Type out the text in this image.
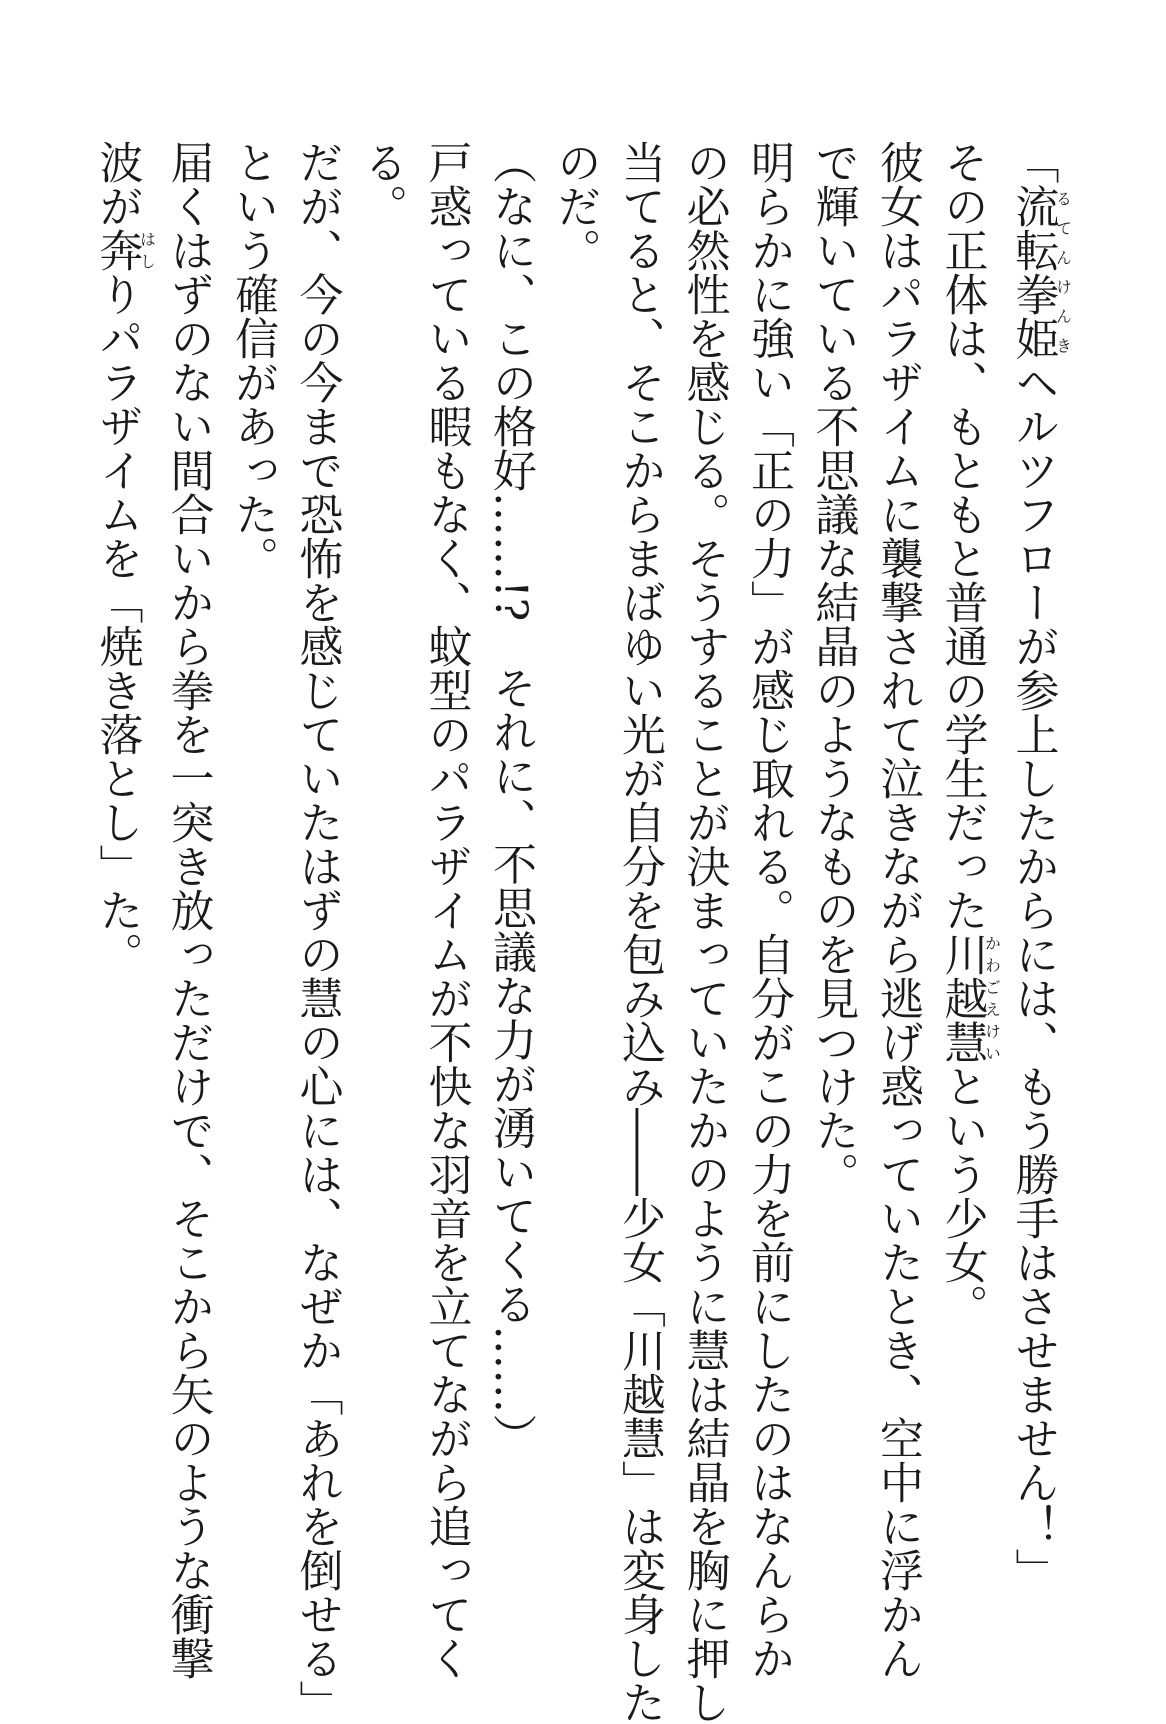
「流転拳姫るてんけんきヘルツフローが参上したからには、もう勝手はさせません！」
その正体は、もともと普通の学生だった川越慧かわごえけいという少女。
彼女はパラザイムに襲撃されて泣きながら逃げ惑っていたとき、空中に浮かん
で輝いている不思議な結晶のようなものを見つけた。
明らかに強い「正の力」が感じ取れる。自分がこの力を前にしたのはなんらか
の必然性を感じる。そうすることが決まっていたかのように慧は結晶を胸に押し
当てると、そこからまばゆい光が自分を包み込み――少女「川越慧」は変身した
のだ。
（なに、この格好……!?　それに、不思議な力が湧いてくる……）
戸惑っている暇もなく、蚊型のパラザイムが不快な羽音を立てながら追ってく
る。
だが、今の今まで恐怖を感じていたはずの慧の心には、なぜか「あれを倒せる」
という確信があった。
届くはずのない間合いから拳を一突き放っただけで、そこから矢のような衝撃
波が奔はしりパラザイムを「焼き落とし」た。
